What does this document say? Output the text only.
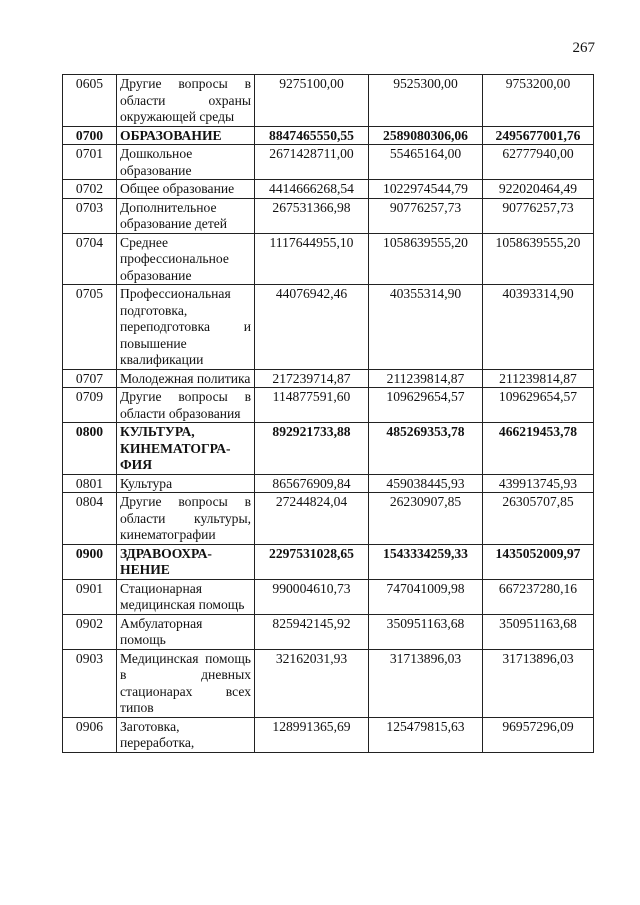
267
0605	Другие вопросы в области охраны окружающей среды	9275100,00	9525300,00	9753200,00
0700	ОБРАЗОВАНИЕ	8847465550,55	2589080306,06	2495677001,76
0701	Дошкольное образование	2671428711,00	55465164,00	62777940,00
0702	Общее образование	4414666268,54	1022974544,79	922020464,49
0703	Дополнительное образование детей	267531366,98	90776257,73	90776257,73
0704	Среднее профессиональное образование	1117644955,10	1058639555,20	1058639555,20
0705	Профессиональная подготовка, переподготовка и повышение квалификации	44076942,46	40355314,90	40393314,90
0707	Молодежная политика	217239714,87	211239814,87	211239814,87
0709	Другие вопросы в области образования	114877591,60	109629654,57	109629654,57
0800	КУЛЬТУРА, КИНЕМАТОГРА-ФИЯ	892921733,88	485269353,78	466219453,78
0801	Культура	865676909,84	459038445,93	439913745,93
0804	Другие вопросы в области культуры, кинематографии	27244824,04	26230907,85	26305707,85
0900	ЗДРАВООХРА-НЕНИЕ	2297531028,65	1543334259,33	1435052009,97
0901	Стационарная медицинская помощь	990004610,73	747041009,98	667237280,16
0902	Амбулаторная помощь	825942145,92	350951163,68	350951163,68
0903	Медицинская помощь в дневных стационарах всех типов	32162031,93	31713896,03	31713896,03
0906	Заготовка, переработка,	128991365,69	125479815,63	96957296,09
